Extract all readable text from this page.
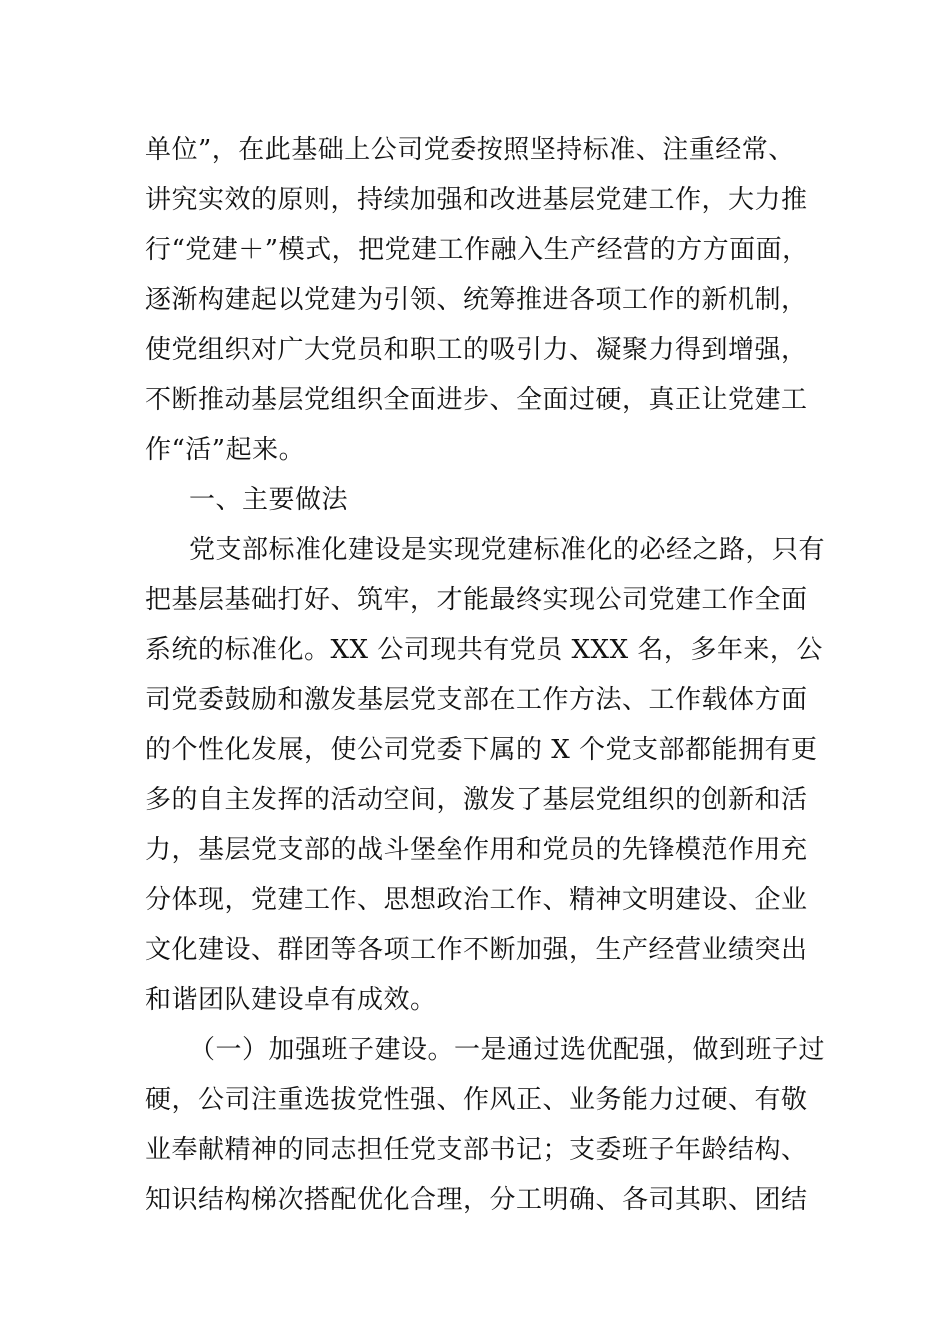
单位”，在此基础上公司党委按照坚持标准、注重经常、
讲究实效的原则，持续加强和改进基层党建工作，大力推
行“党建＋”模式，把党建工作融入生产经营的方方面面，
逐渐构建起以党建为引领、统筹推进各项工作的新机制，
使党组织对广大党员和职工的吸引力、凝聚力得到增强，
不断推动基层党组织全面进步、全面过硬，真正让党建工
作“活”起来。
一、主要做法
党支部标准化建设是实现党建标准化的必经之路，只有
把基层基础打好、筑牢，才能最终实现公司党建工作全面
系统的标准化。XX 公司现共有党员 XXX 名，多年来，公
司党委鼓励和激发基层党支部在工作方法、工作载体方面
的个性化发展，使公司党委下属的 X 个党支部都能拥有更
多的自主发挥的活动空间，激发了基层党组织的创新和活
力，基层党支部的战斗堡垒作用和党员的先锋模范作用充
分体现，党建工作、思想政治工作、精神文明建设、企业
文化建设、群团等各项工作不断加强，生产经营业绩突出
和谐团队建设卓有成效。
（一）加强班子建设。一是通过选优配强，做到班子过
硬，公司注重选拔党性强、作风正、业务能力过硬、有敬
业奉献精神的同志担任党支部书记；支委班子年龄结构、
知识结构梯次搭配优化合理，分工明确、各司其职、团结
